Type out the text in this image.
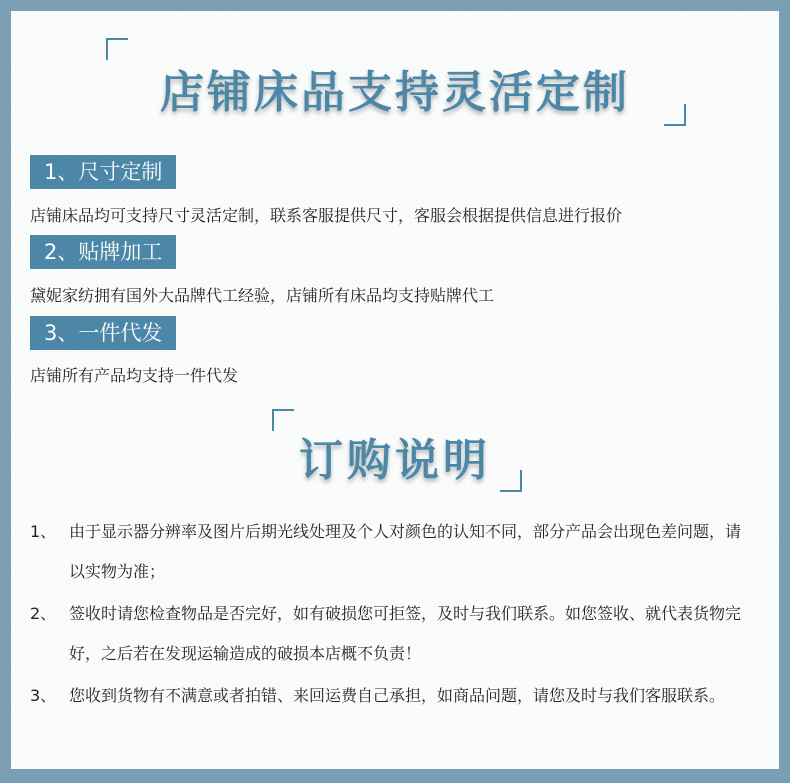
店铺床品支持灵活定制
1、尺寸定制
店铺床品均可支持尺寸灵活定制，联系客服提供尺寸，客服会根据提供信息进行报价
2、贴牌加工
黛妮家纺拥有国外大品牌代工经验，店铺所有床品均支持贴牌代工
3、一件代发
店铺所有产品均支持一件代发
订购说明
1、 由于显示器分辨率及图片后期光线处理及个人对颜色的认知不同，部分产品会出现色差问题，请以实物为准；
2、 签收时请您检查物品是否完好，如有破损您可拒签，及时与我们联系。如您签收、就代表货物完好，之后若在发现运输造成的破损本店概不负责！
3、 您收到货物有不满意或者拍错、来回运费自己承担，如商品问题，请您及时与我们客服联系。
